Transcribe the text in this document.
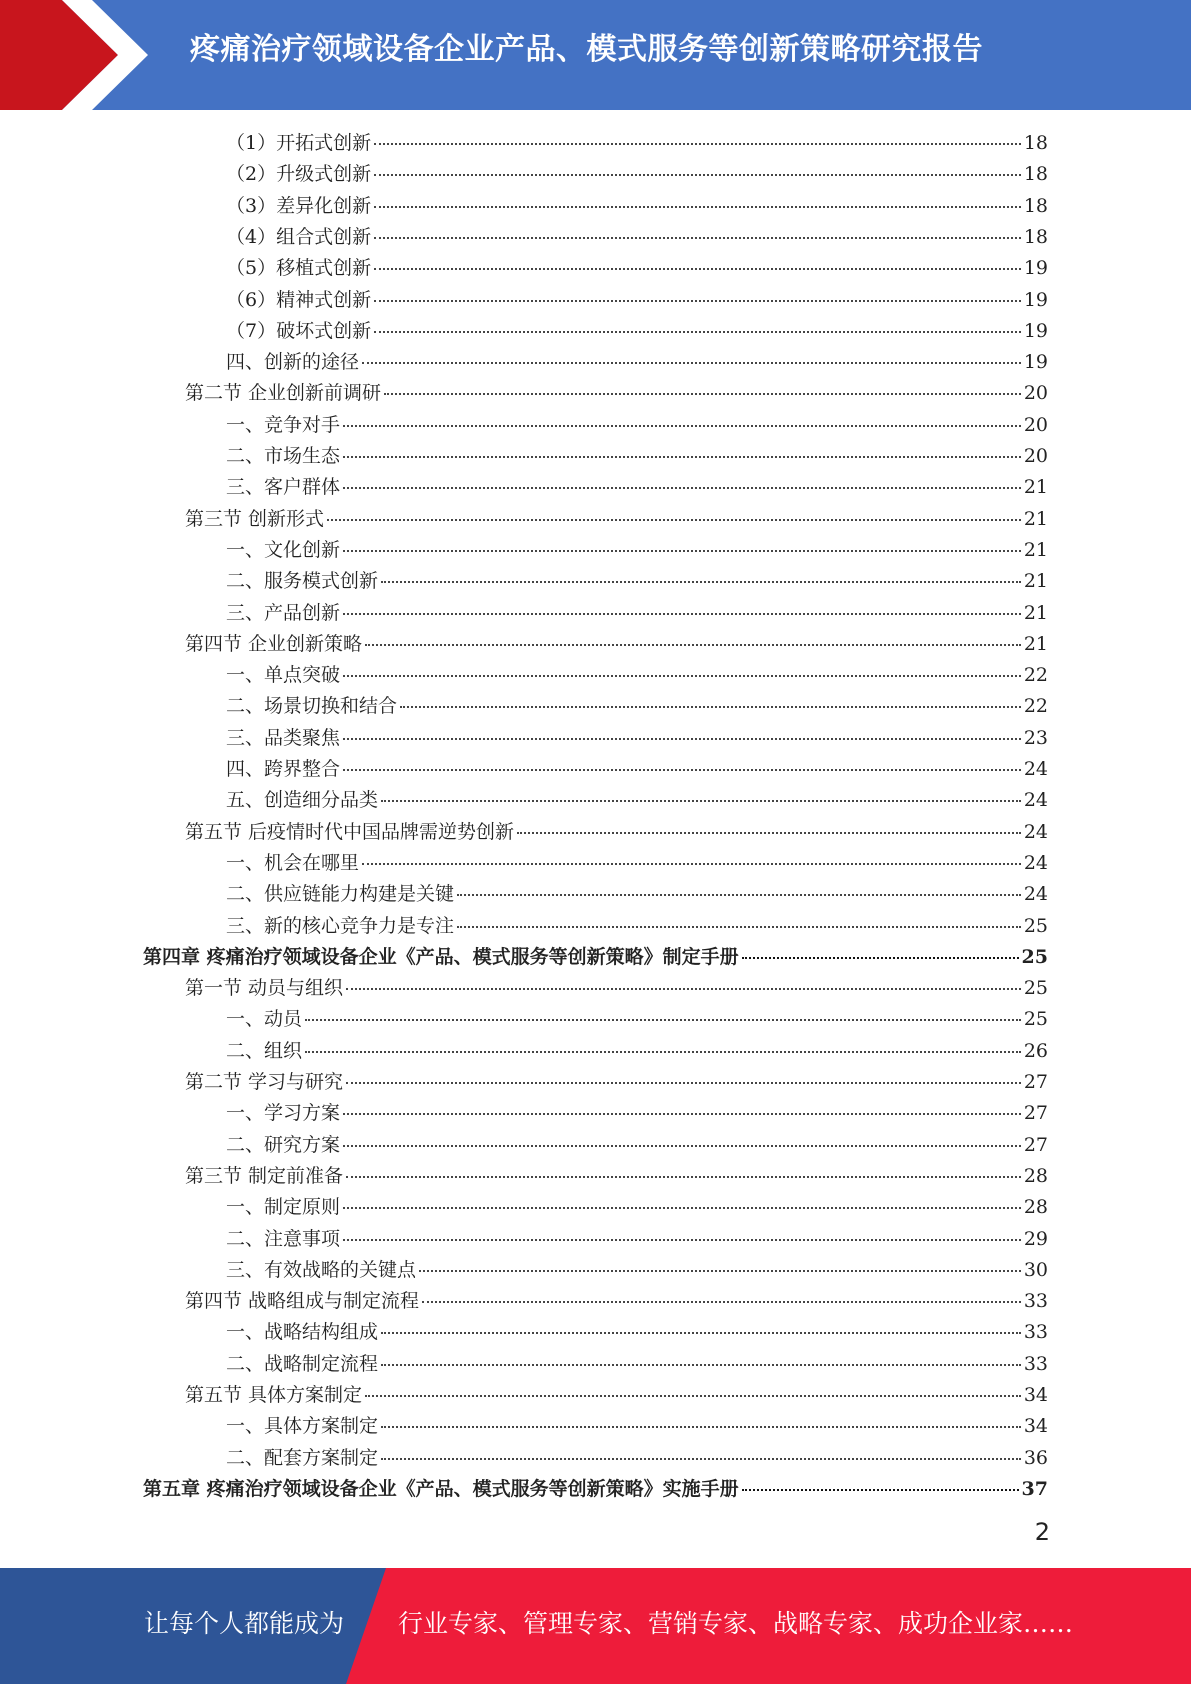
疼痛治疗领域设备企业产品、模式服务等创新策略研究报告
（1）开拓式创新	18
（2）升级式创新	18
（3）差异化创新	18
（4）组合式创新	18
（5）移植式创新	19
（6）精神式创新	19
（7）破坏式创新	19
四、创新的途径	19
第二节 企业创新前调研	20
一、竞争对手	20
二、市场生态	20
三、客户群体	21
第三节 创新形式	21
一、文化创新	21
二、服务模式创新	21
三、产品创新	21
第四节 企业创新策略	21
一、单点突破	22
二、场景切换和结合	22
三、品类聚焦	23
四、跨界整合	24
五、创造细分品类	24
第五节 后疫情时代中国品牌需逆势创新	24
一、机会在哪里	24
二、供应链能力构建是关键	24
三、新的核心竞争力是专注	25
第四章 疼痛治疗领域设备企业《产品、模式服务等创新策略》制定手册	25
第一节 动员与组织	25
一、动员	25
二、组织	26
第二节 学习与研究	27
一、学习方案	27
二、研究方案	27
第三节 制定前准备	28
一、制定原则	28
二、注意事项	29
三、有效战略的关键点	30
第四节 战略组成与制定流程	33
一、战略结构组成	33
二、战略制定流程	33
第五节 具体方案制定	34
一、具体方案制定	34
二、配套方案制定	36
第五章 疼痛治疗领域设备企业《产品、模式服务等创新策略》实施手册	37
2
让每个人都能成为 行业专家、管理专家、营销专家、战略专家、成功企业家……
